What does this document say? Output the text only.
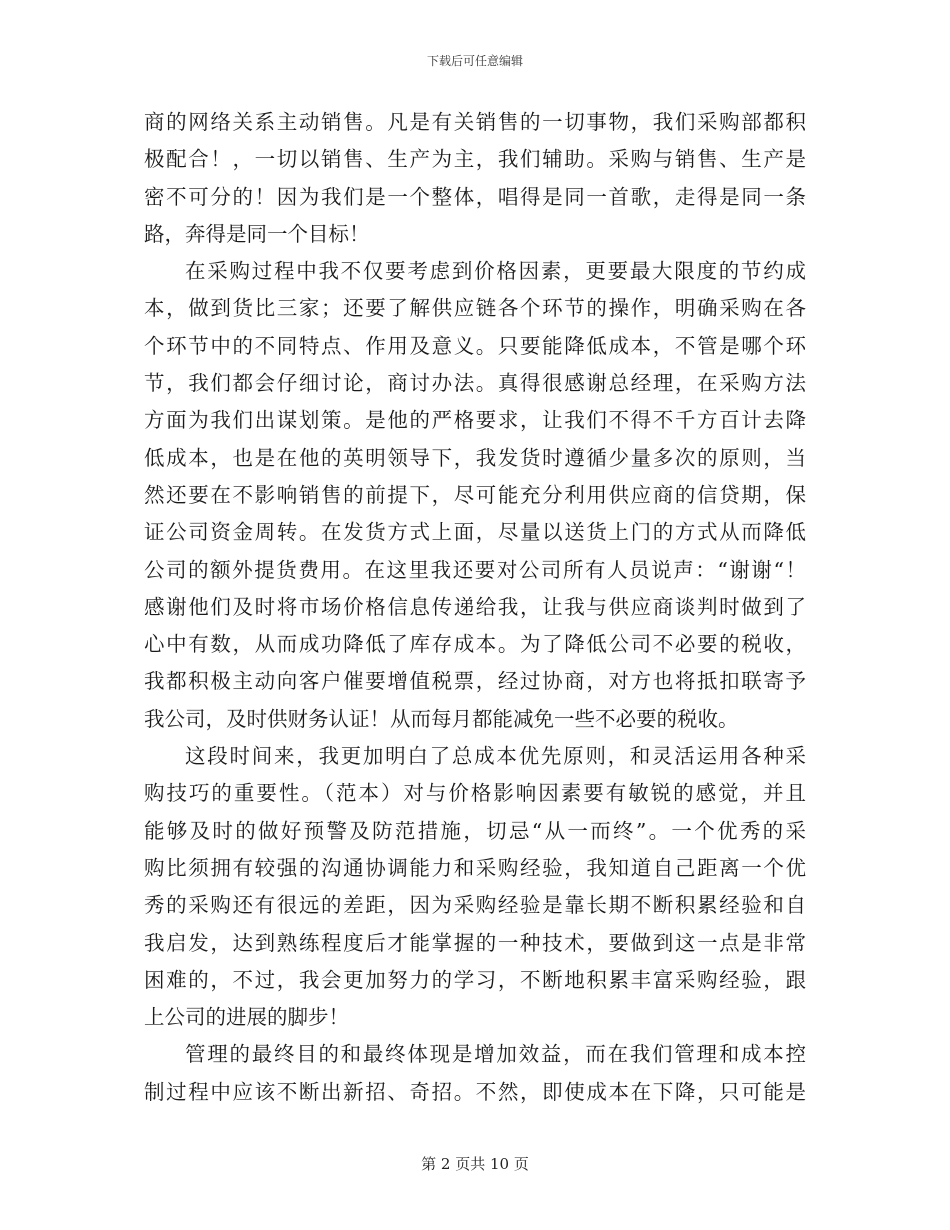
下载后可任意编辑
商的网络关系主动销售。凡是有关销售的一切事物，我们采购部都积
极配合！，一切以销售、生产为主，我们辅助。采购与销售、生产是
密不可分的！因为我们是一个整体，唱得是同一首歌，走得是同一条
路，奔得是同一个目标！
在采购过程中我不仅要考虑到价格因素，更要最大限度的节约成
本，做到货比三家；还要了解供应链各个环节的操作，明确采购在各
个环节中的不同特点、作用及意义。只要能降低成本，不管是哪个环
节，我们都会仔细讨论，商讨办法。真得很感谢总经理，在采购方法
方面为我们出谋划策。是他的严格要求，让我们不得不千方百计去降
低成本，也是在他的英明领导下，我发货时遵循少量多次的原则，当
然还要在不影响销售的前提下，尽可能充分利用供应商的信贷期，保
证公司资金周转。在发货方式上面，尽量以送货上门的方式从而降低
公司的额外提货费用。在这里我还要对公司所有人员说声：“谢谢“！
感谢他们及时将市场价格信息传递给我，让我与供应商谈判时做到了
心中有数，从而成功降低了库存成本。为了降低公司不必要的税收，
我都积极主动向客户催要增值税票，经过协商，对方也将抵扣联寄予
我公司，及时供财务认证！从而每月都能减免一些不必要的税收。
这段时间来，我更加明白了总成本优先原则，和灵活运用各种采
购技巧的重要性。（范本）对与价格影响因素要有敏锐的感觉，并且
能够及时的做好预警及防范措施，切忌“从一而终”。一个优秀的采
购比须拥有较强的沟通协调能力和采购经验，我知道自己距离一个优
秀的采购还有很远的差距，因为采购经验是靠长期不断积累经验和自
我启发，达到熟练程度后才能掌握的一种技术，要做到这一点是非常
困难的，不过，我会更加努力的学习，不断地积累丰富采购经验，跟
上公司的进展的脚步！
管理的最终目的和最终体现是增加效益，而在我们管理和成本控
制过程中应该不断出新招、奇招。不然，即使成本在下降，只可能是
第 2 页共 10 页
